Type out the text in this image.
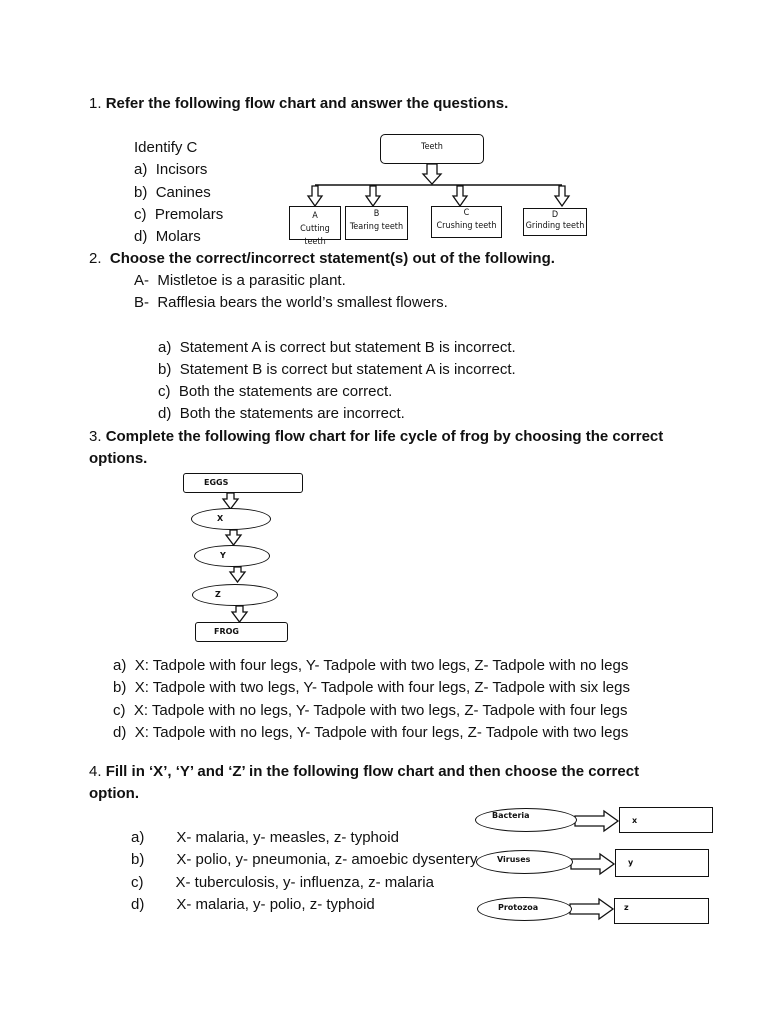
1. Refer the following flow chart and answer the questions.
Identify C
a) Incisors
b) Canines
c) Premolars
d) Molars
Teeth
A
Cutting teeth
B
Tearing teeth
C
Crushing teeth
D
Grinding teeth
2. Choose the correct/incorrect statement(s) out of the following.
A- Mistletoe is a parasitic plant.
B- Rafflesia bears the world’s smallest flowers.
a) Statement A is correct but statement B is incorrect.
b) Statement B is correct but statement A is incorrect.
c) Both the statements are correct.
d) Both the statements are incorrect.
3. Complete the following flow chart for life cycle of frog by choosing the correct
options.
EGGS
X
Y
Z
FROG
a) X: Tadpole with four legs, Y- Tadpole with two legs, Z- Tadpole with no legs
b) X: Tadpole with two legs, Y- Tadpole with four legs, Z- Tadpole with six legs
c) X: Tadpole with no legs, Y- Tadpole with two legs, Z- Tadpole with four legs
d) X: Tadpole with no legs, Y- Tadpole with four legs, Z- Tadpole with two legs
4. Fill in ‘X’, ‘Y’ and ‘Z’ in the following flow chart and then choose the correct
option.
Bacteria
Viruses
Protozoa
x
y
z
a) X- malaria, y- measles, z- typhoid
b) X- polio, y- pneumonia, z- amoebic dysentery
c) X- tuberculosis, y- influenza, z- malaria
d) X- malaria, y- polio, z- typhoid
